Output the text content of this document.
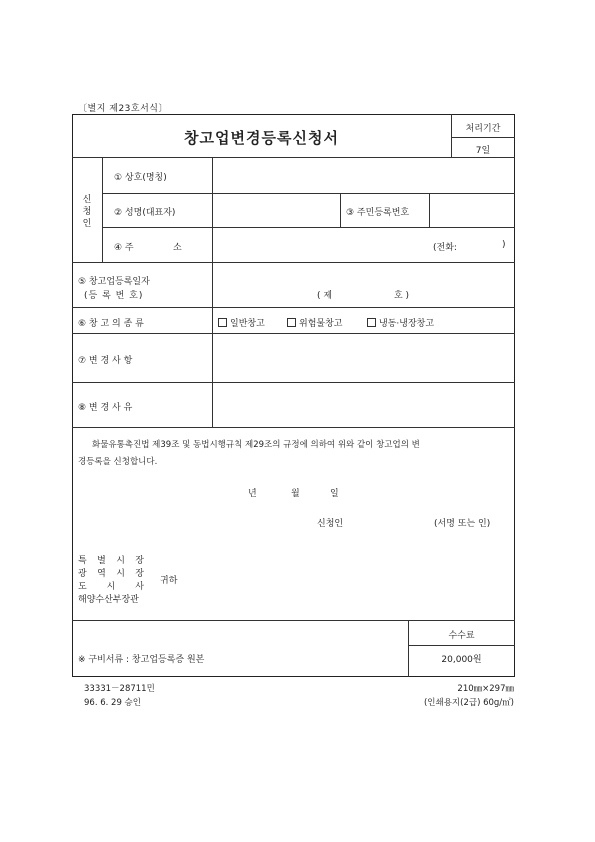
〔별지 제23호서식〕
창고업변경등록신청서	처리기간
7일
신
청
인
① 상호(명칭)
② 성명(대표자)	③ 주민등록번호
④ 주	소	(전화:	)
⑤ 창고업등록일자
(등 록 번 호)	( 제	호 )
⑥ 창 고 의 종 류	일반창고	위험물창고	냉동·냉장창고
⑦ 변 경 사 항
⑧ 변 경 사 유
화물유통촉진법 제39조 및 동법시행규칙 제29조의 규정에 의하여 위와 같이 창고업의 변
경등록을 신청합니다.
년	월	일
신청인	(서명 또는 인)
특 별 시 장
광 역 시 장
도 시 사
해양수산부장관
귀하
※ 구비서류 : 창고업등록증 원본
수수료
20,000원
33331－28711민
96. 6. 29 승인
210㎜×297㎜
(인쇄용지(2급) 60g/㎡)
